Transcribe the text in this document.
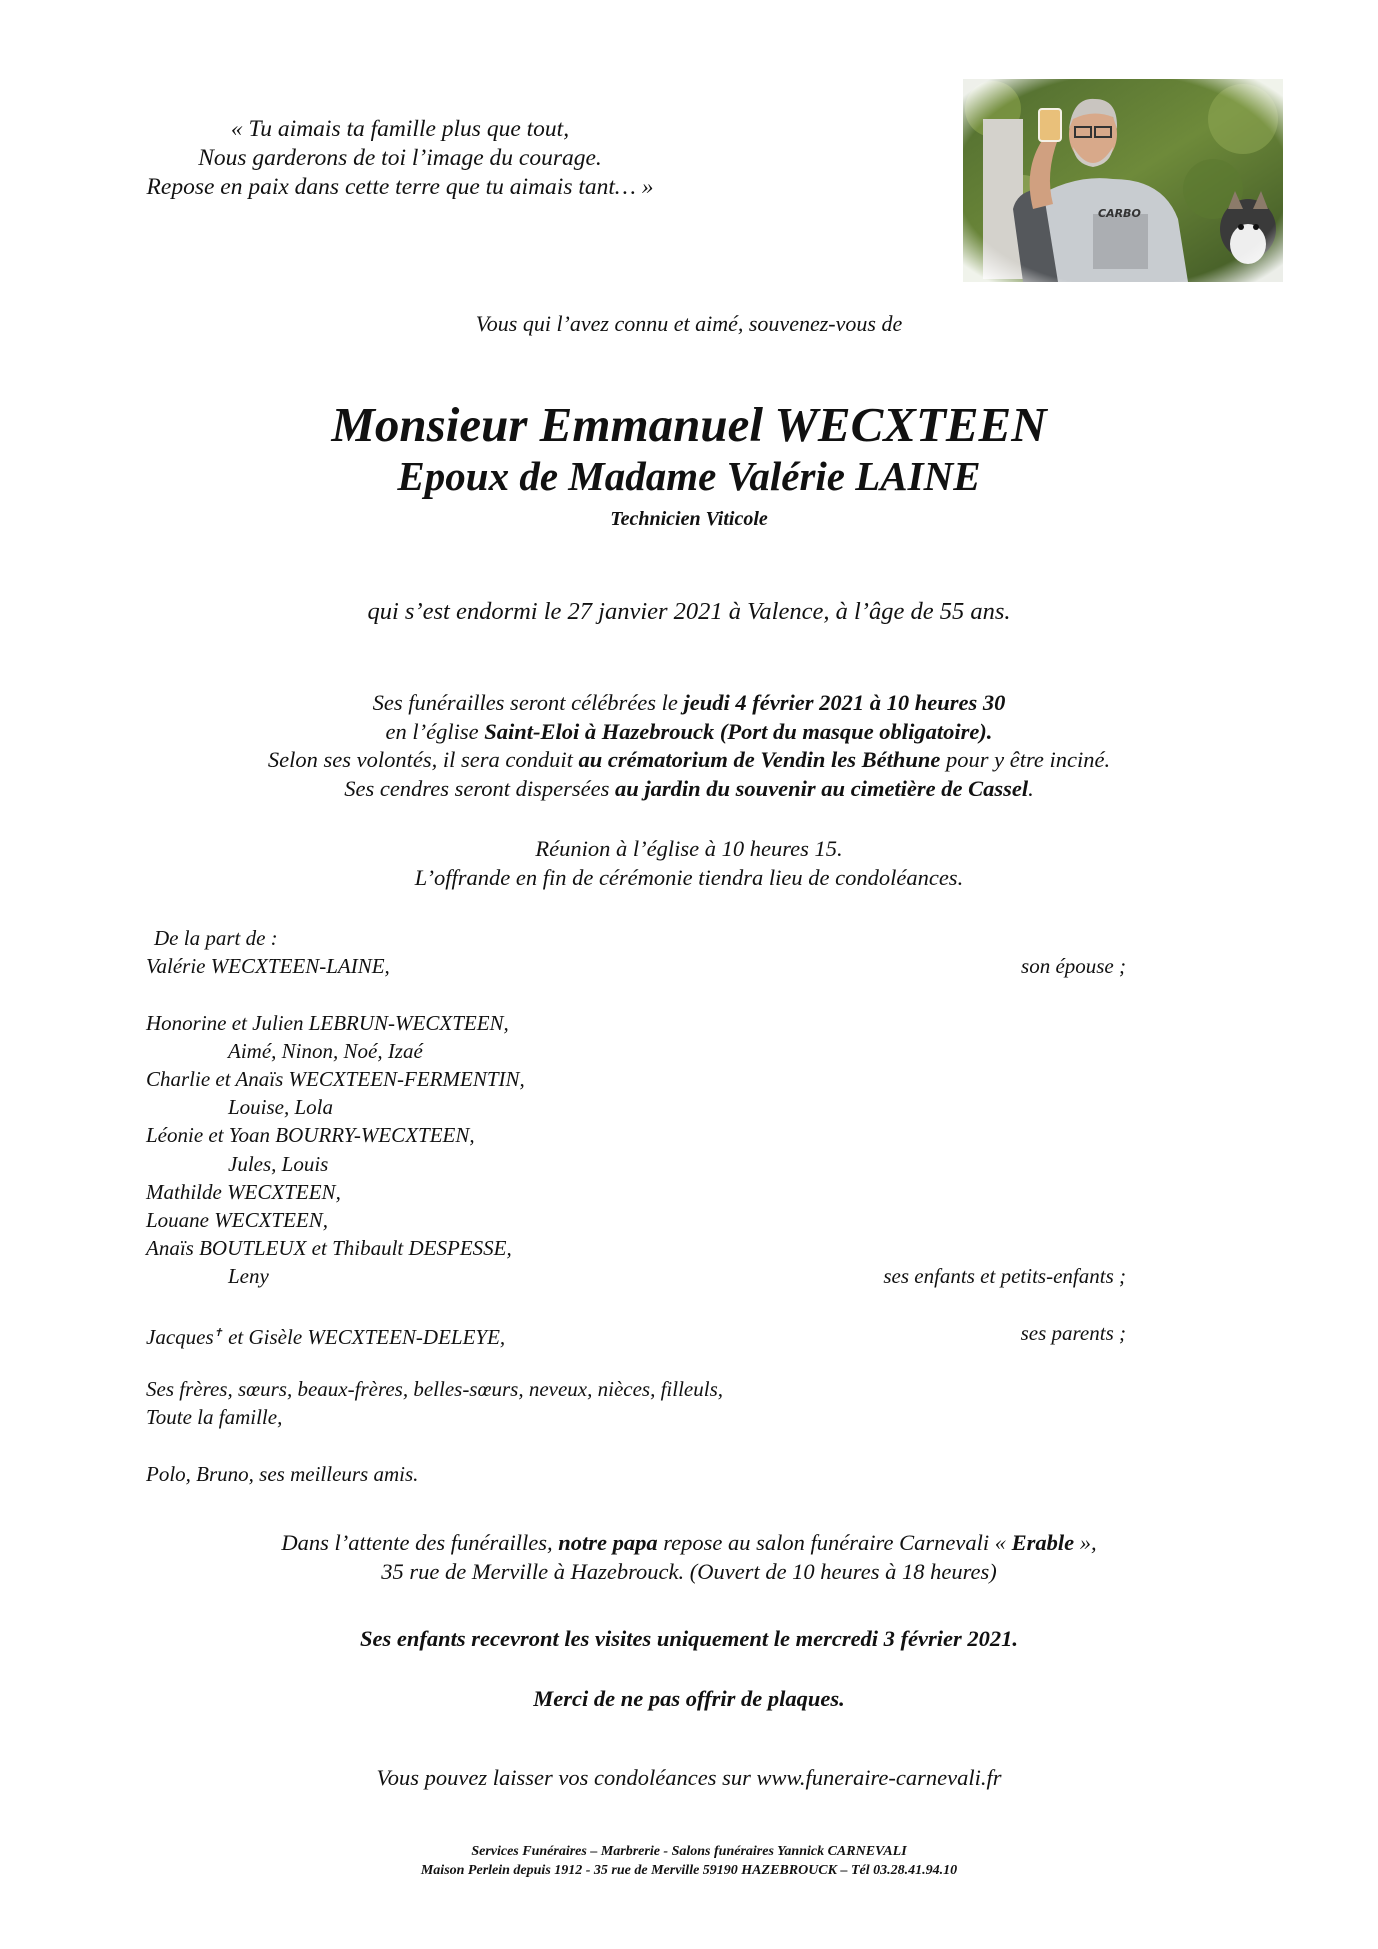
« Tu aimais ta famille plus que tout,
Nous garderons de toi l’image du courage.
Repose en paix dans cette terre que tu aimais tant… »
Vous qui l’avez connu et aimé, souvenez-vous de
Monsieur Emmanuel WECXTEEN
Epoux de Madame Valérie LAINE
Technicien Viticole
qui s’est endormi le 27 janvier 2021 à Valence, à l’âge de 55 ans.
Ses funérailles seront célébrées le jeudi 4 février 2021 à 10 heures 30
en l’église Saint-Eloi à Hazebrouck (Port du masque obligatoire).
Selon ses volontés, il sera conduit au crématorium de Vendin les Béthune pour y être inciné.
Ses cendres seront dispersées au jardin du souvenir au cimetière de Cassel.
Réunion à l’église à 10 heures 15.
L’offrande en fin de cérémonie tiendra lieu de condoléances.
De la part de :
Valérie WECXTEEN-LAINE,	son épouse ;
Honorine et Julien LEBRUN-WECXTEEN,
Aimé, Ninon, Noé, Izaé
Charlie et Anaïs WECXTEEN-FERMENTIN,
Louise, Lola
Léonie et Yoan BOURRY-WECXTEEN,
Jules, Louis
Mathilde WECXTEEN,
Louane WECXTEEN,
Anaïs BOUTLEUX et Thibault DESPESSE,
Leny	ses enfants et petits-enfants ;
Jacques✝ et Gisèle WECXTEEN-DELEYE,	ses parents ;
Ses frères, sœurs, beaux-frères, belles-sœurs, neveux, nièces, filleuls,
Toute la famille,
Polo, Bruno, ses meilleurs amis.
Dans l’attente des funérailles, notre papa repose au salon funéraire Carnevali « Erable »,
35 rue de Merville à Hazebrouck. (Ouvert de 10 heures à 18 heures)
Ses enfants recevront les visites uniquement le mercredi 3 février 2021.
Merci de ne pas offrir de plaques.
Vous pouvez laisser vos condoléances sur www.funeraire-carnevali.fr
Services Funéraires – Marbrerie - Salons funéraires Yannick CARNEVALI
Maison Perlein depuis 1912 - 35 rue de Merville 59190 HAZEBROUCK – Tél 03.28.41.94.10
